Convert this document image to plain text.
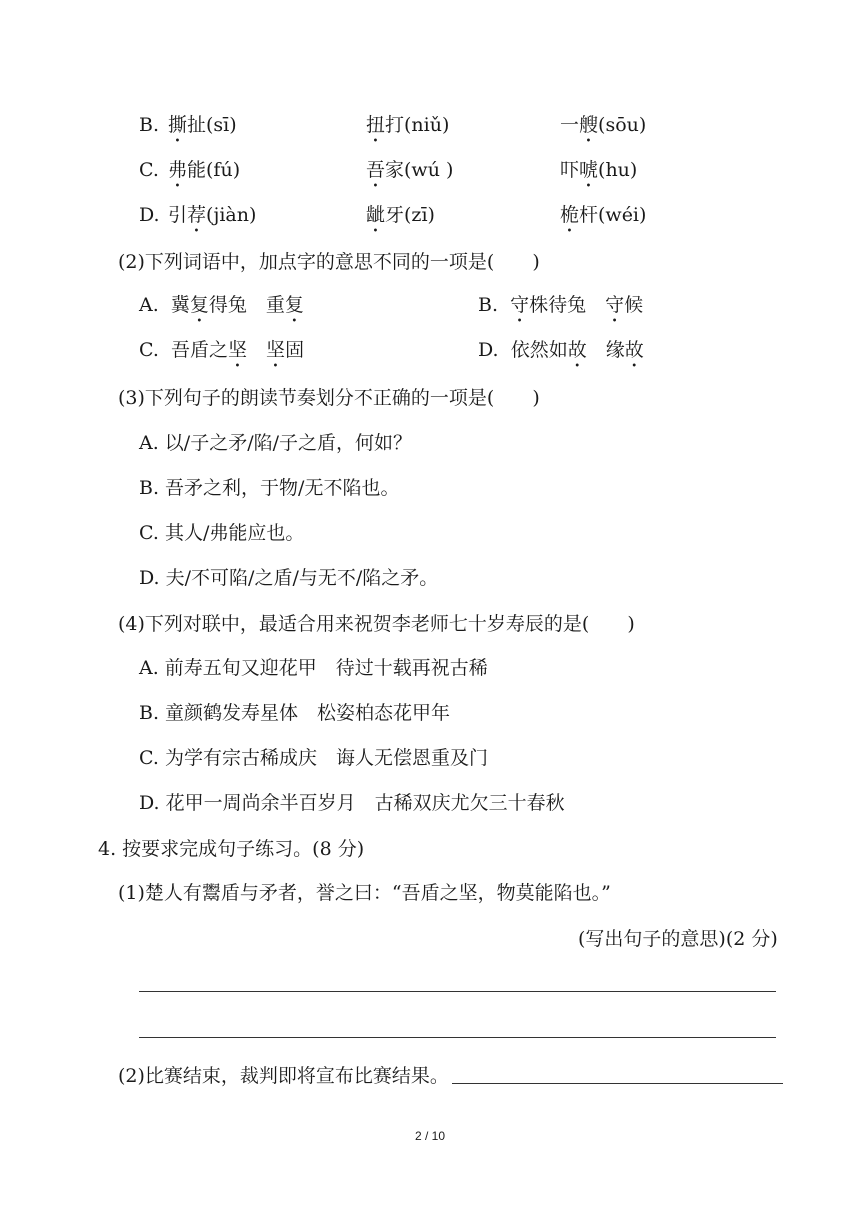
B. 撕扯(sī)	扭打(niǔ)	一艘(sōu)
C. 弗能(fú)	吾家(wú )	吓唬(hu)
D. 引荐(jiàn)	龇牙(zī)	桅杆(wéi)
(2)下列词语中，加点字的意思不同的一项是(　　)
A. 冀复得兔　重复	B. 守株待兔　守候
C. 吾盾之坚　 坚固	D. 依然如故　缘故
(3)下列句子的朗读节奏划分不正确的一项是(　　)
A. 以/子之矛/陷/子之盾，何如？
B. 吾矛之利，于物/无不陷也。
C. 其人/弗能应也。
D. 夫/不可陷/之盾/与无不/陷之矛。
(4)下列对联中，最适合用来祝贺李老师七十岁寿辰的是(　　)
A. 前寿五旬又迎花甲　待过十载再祝古稀
B. 童颜鹤发寿星体　松姿柏态花甲年
C. 为学有宗古稀成庆　诲人无偿恩重及门
D. 花甲一周尚余半百岁月　古稀双庆尤欠三十春秋
4. 按要求完成句子练习。(8 分)
(1)楚人有鬻盾与矛者，誉之曰：“吾盾之坚，物莫能陷也。”
(写出句子的意思)(2 分)
(2)比赛结束，裁判即将宣布比赛结果。
2 / 10
